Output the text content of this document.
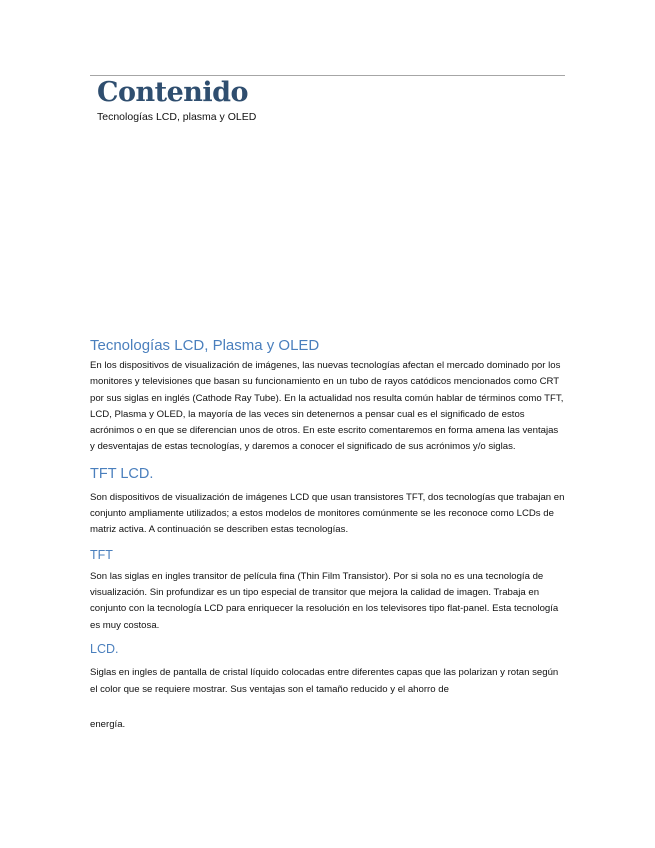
Contenido
Tecnologías LCD, plasma y OLED
Tecnologías LCD, Plasma y OLED

En los dispositivos de visualización de imágenes, las nuevas tecnologías afectan el mercado dominado por los monitores y televisiones que basan su funcionamiento en un tubo de rayos catódicos mencionados como CRT por sus siglas en inglés (Cathode Ray Tube). En la actualidad nos resulta común hablar de términos como TFT, LCD, Plasma y OLED, la mayoría de las veces sin detenernos a pensar cual es el significado de estos acrónimos o en que se diferencian unos de otros. En este escrito comentaremos en forma amena las ventajas y desventajas de estas tecnologías, y daremos a conocer el significado de sus acrónimos y/o siglas.

TFT LCD.

Son dispositivos de visualización de imágenes LCD que usan transistores TFT, dos tecnologías que trabajan en conjunto ampliamente utilizados; a estos modelos de monitores comúnmente se les reconoce como LCDs de matriz activa. A continuación se describen estas tecnologías.

TFT

Son las siglas en ingles transitor de película fina (Thin Film Transistor). Por si sola no es una tecnología de visualización. Sin profundizar es un tipo especial de transitor que mejora la calidad de imagen. Trabaja en conjunto con la tecnología LCD para enriquecer la resolución en los televisores tipo flat-panel. Esta tecnología es muy costosa.

LCD.

Siglas en ingles de pantalla de cristal líquido colocadas entre diferentes capas que las polarizan y rotan según el color que se requiere mostrar. Sus ventajas son el tamaño reducido y el ahorro de

energía.
